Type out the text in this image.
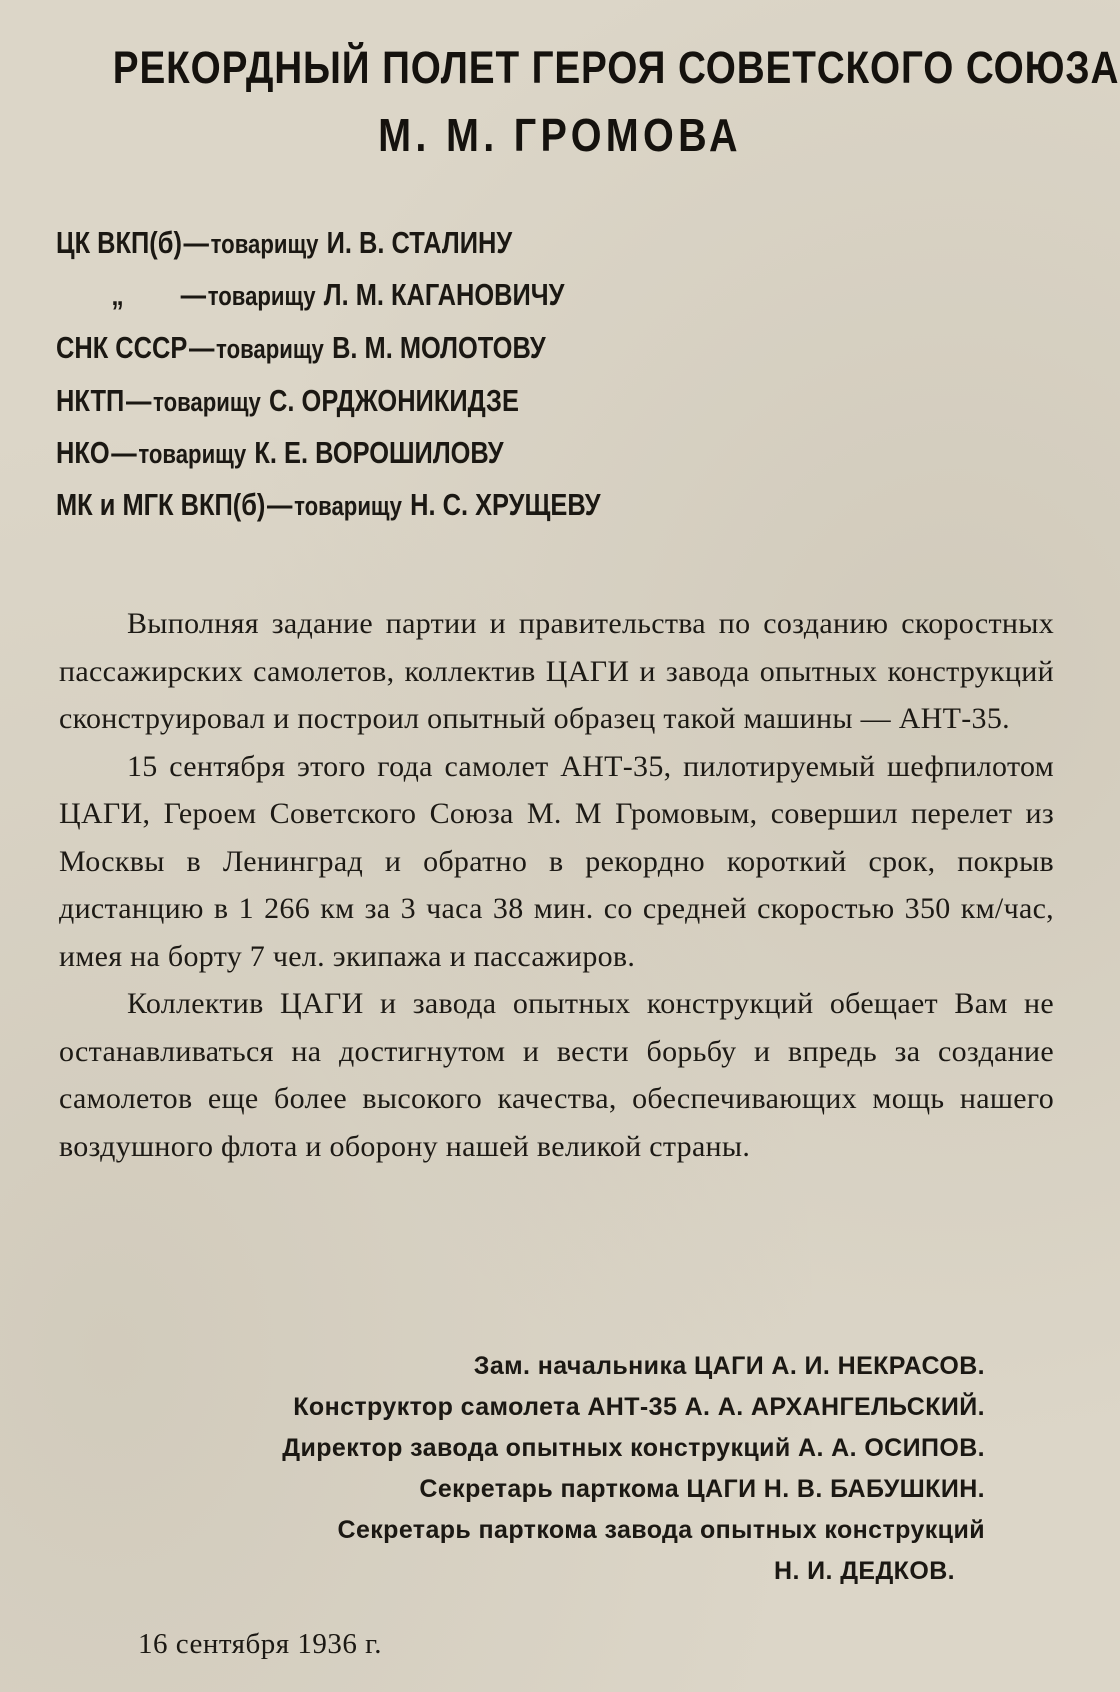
РЕКОРДНЫЙ ПОЛЕТ ГЕРОЯ СОВЕТСКОГО СОЮЗА
М. М. ГРОМОВА
ЦК ВКП(б)—товарищу И. В. СТАЛИНУ
„ —товарищу Л. М. КАГАНОВИЧУ
СНК СССР—товарищу В. М. МОЛОТОВУ
НКТП—товарищу С. ОРДЖОНИКИДЗЕ
НКО—товарищу К. Е. ВОРОШИЛОВУ
МК и МГК ВКП(б)—товарищу Н. С. ХРУЩЕВУ

Выполняя задание партии и правительства по созданию скоростных пассажирских самолетов, коллектив ЦАГИ и завода опытных конструкций сконструировал и построил опытный образец такой машины — АНТ-35.

15 сентября этого года самолет АНТ-35, пилотируемый шефпилотом ЦАГИ, Героем Советского Союза М. М Громовым, совершил перелет из Москвы в Ленинград и обратно в рекордно короткий срок, покрыв дистанцию в 1 266 км за 3 часа 38 мин. со средней скоростью 350 км/час, имея на борту 7 чел. экипажа и пассажиров.

Коллектив ЦАГИ и завода опытных конструкций обещает Вам не останавливаться на достигнутом и вести борьбу и впредь за создание самолетов еще более высокого качества, обеспечивающих мощь нашего воздушного флота и оборону нашей великой страны.

Зам. начальника ЦАГИ А. И. НЕКРАСОВ.
Конструктор самолета АНТ-35 А. А. АРХАНГЕЛЬСКИЙ.
Директор завода опытных конструкций А. А. ОСИПОВ.
Секретарь парткома ЦАГИ Н. В. БАБУШКИН.
Секретарь парткома завода опытных конструкций
Н. И. ДЕДКОВ.
16 сентября 1936 г.
